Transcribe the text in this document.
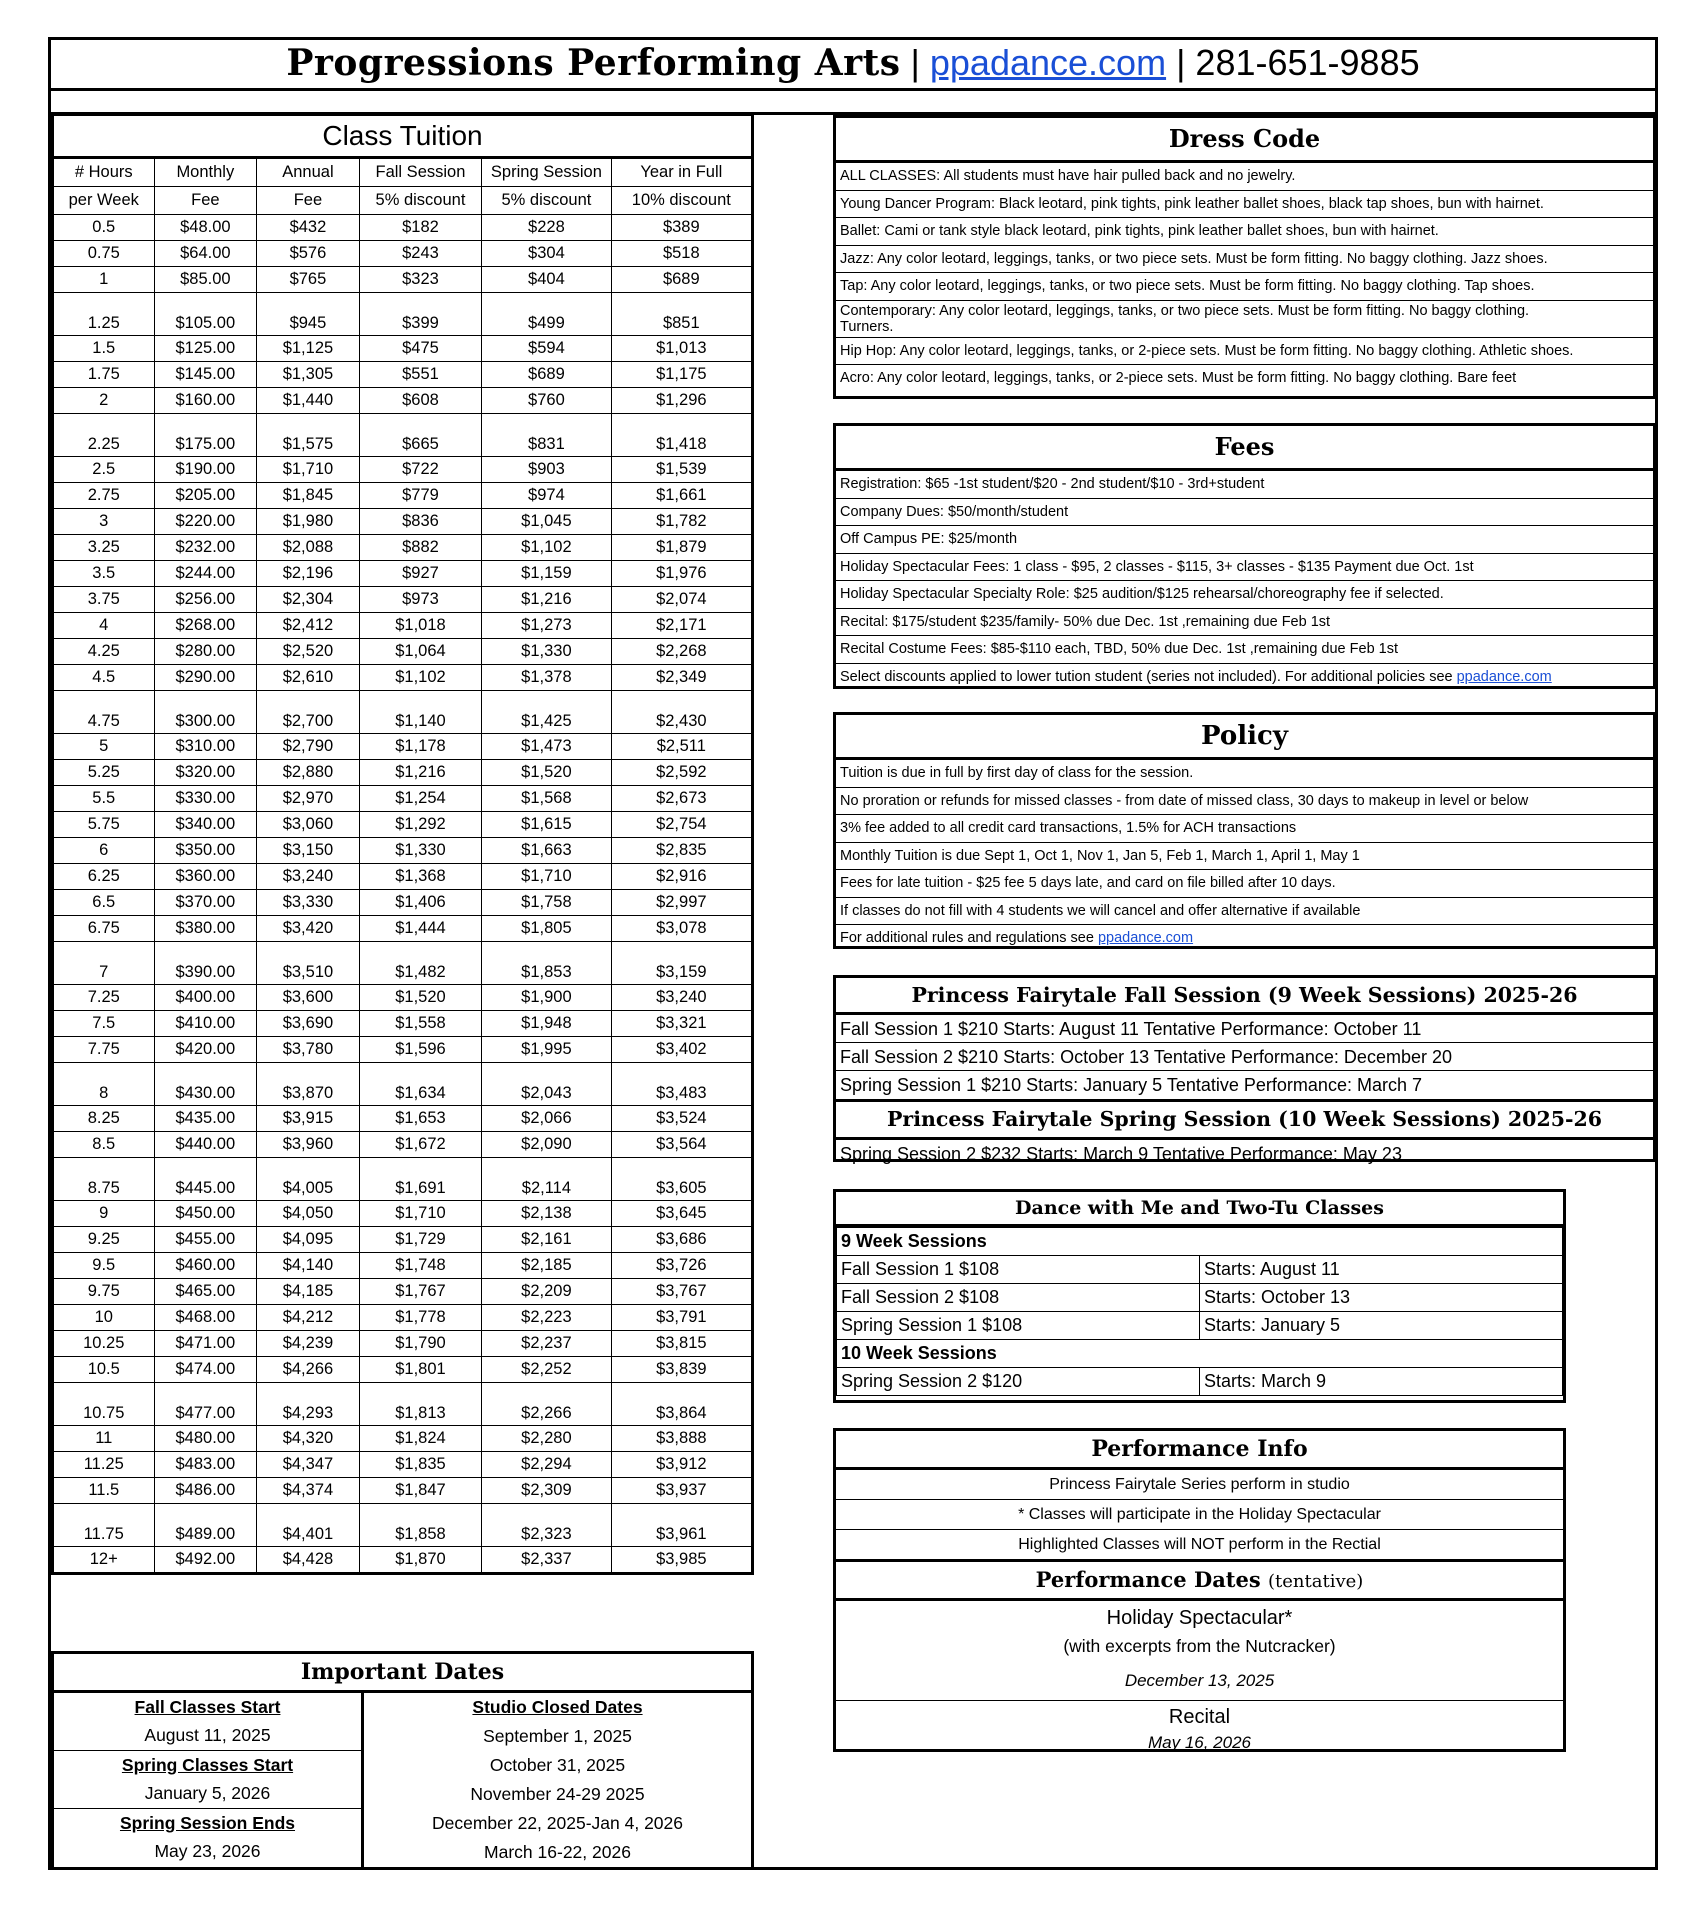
Progressions Performing Arts | ppadance.com | 281-651-9885
Class Tuition					
# Hours	Monthly	Annual	Fall Session	Spring Session	Year in Full
per Week	Fee	Fee	5% discount	5% discount	10% discount
0.5	$48.00	$432	$182	$228	$389
0.75	$64.00	$576	$243	$304	$518
1	$85.00	$765	$323	$404	$689
1.25	$105.00	$945	$399	$499	$851
1.5	$125.00	$1,125	$475	$594	$1,013
1.75	$145.00	$1,305	$551	$689	$1,175
2	$160.00	$1,440	$608	$760	$1,296
2.25	$175.00	$1,575	$665	$831	$1,418
2.5	$190.00	$1,710	$722	$903	$1,539
2.75	$205.00	$1,845	$779	$974	$1,661
3	$220.00	$1,980	$836	$1,045	$1,782
3.25	$232.00	$2,088	$882	$1,102	$1,879
3.5	$244.00	$2,196	$927	$1,159	$1,976
3.75	$256.00	$2,304	$973	$1,216	$2,074
4	$268.00	$2,412	$1,018	$1,273	$2,171
4.25	$280.00	$2,520	$1,064	$1,330	$2,268
4.5	$290.00	$2,610	$1,102	$1,378	$2,349
4.75	$300.00	$2,700	$1,140	$1,425	$2,430
5	$310.00	$2,790	$1,178	$1,473	$2,511
5.25	$320.00	$2,880	$1,216	$1,520	$2,592
5.5	$330.00	$2,970	$1,254	$1,568	$2,673
5.75	$340.00	$3,060	$1,292	$1,615	$2,754
6	$350.00	$3,150	$1,330	$1,663	$2,835
6.25	$360.00	$3,240	$1,368	$1,710	$2,916
6.5	$370.00	$3,330	$1,406	$1,758	$2,997
6.75	$380.00	$3,420	$1,444	$1,805	$3,078
7	$390.00	$3,510	$1,482	$1,853	$3,159
7.25	$400.00	$3,600	$1,520	$1,900	$3,240
7.5	$410.00	$3,690	$1,558	$1,948	$3,321
7.75	$420.00	$3,780	$1,596	$1,995	$3,402
8	$430.00	$3,870	$1,634	$2,043	$3,483
8.25	$435.00	$3,915	$1,653	$2,066	$3,524
8.5	$440.00	$3,960	$1,672	$2,090	$3,564
8.75	$445.00	$4,005	$1,691	$2,114	$3,605
9	$450.00	$4,050	$1,710	$2,138	$3,645
9.25	$455.00	$4,095	$1,729	$2,161	$3,686
9.5	$460.00	$4,140	$1,748	$2,185	$3,726
9.75	$465.00	$4,185	$1,767	$2,209	$3,767
10	$468.00	$4,212	$1,778	$2,223	$3,791
10.25	$471.00	$4,239	$1,790	$2,237	$3,815
10.5	$474.00	$4,266	$1,801	$2,252	$3,839
10.75	$477.00	$4,293	$1,813	$2,266	$3,864
11	$480.00	$4,320	$1,824	$2,280	$3,888
11.25	$483.00	$4,347	$1,835	$2,294	$3,912
11.5	$486.00	$4,374	$1,847	$2,309	$3,937
11.75	$489.00	$4,401	$1,858	$2,323	$3,961
12+	$492.00	$4,428	$1,870	$2,337	$3,985
Dress Code
ALL CLASSES: All students must have hair pulled back and no jewelry.
Young Dancer Program: Black leotard, pink tights, pink leather ballet shoes, black tap shoes, bun with hairnet.
Ballet: Cami or tank style black leotard, pink tights, pink leather ballet shoes, bun with hairnet.
Jazz: Any color leotard, leggings, tanks, or two piece sets. Must be form fitting. No baggy clothing. Jazz shoes.
Tap: Any color leotard, leggings, tanks, or two piece sets. Must be form fitting. No baggy clothing. Tap shoes.
Contemporary: Any color leotard, leggings, tanks, or two piece sets. Must be form fitting. No baggy clothing.
Turners.
Hip Hop: Any color leotard, leggings, tanks, or 2-piece sets. Must be form fitting. No baggy clothing. Athletic shoes.
Acro: Any color leotard, leggings, tanks, or 2-piece sets. Must be form fitting. No baggy clothing. Bare feet
Fees
Registration: $65 -1st student/$20 - 2nd student/$10 - 3rd+student
Company Dues: $50/month/student
Off Campus PE: $25/month
Holiday Spectacular Fees: 1 class - $95, 2 classes - $115, 3+ classes - $135 Payment due Oct. 1st
Holiday Spectacular Specialty Role: $25 audition/$125 rehearsal/choreography fee if selected.
Recital: $175/student $235/family- 50% due Dec. 1st ,remaining due Feb 1st
Recital Costume Fees: $85-$110 each, TBD, 50% due Dec. 1st ,remaining due Feb 1st
Select discounts applied to lower tution student (series not included). For additional policies see ppadance.com
Policy
Tuition is due in full by first day of class for the session.
No proration or refunds for missed classes - from date of missed class, 30 days to makeup in level or below
3% fee added to all credit card transactions, 1.5% for ACH transactions
Monthly Tuition is due Sept 1, Oct 1, Nov 1, Jan 5, Feb 1, March 1, April 1, May 1
Fees for late tuition - $25 fee 5 days late, and card on file billed after 10 days.
If classes do not fill with 4 students we will cancel and offer alternative if available
For additional rules and regulations see ppadance.com
Princess Fairytale Fall Session (9 Week Sessions) 2025-26
Fall Session 1 $210 Starts: August 11 Tentative Performance: October 11
Fall Session 2 $210 Starts: October 13 Tentative Performance: December 20
Spring Session 1 $210 Starts: January 5 Tentative Performance: March 7
Princess Fairytale Spring Session (10 Week Sessions) 2025-26
Spring Session 2 $232 Starts: March 9 Tentative Performance: May 23
Dance with Me and Two-Tu Classes
9 Week Sessions	
Fall Session 1 $108	Starts: August 11
Fall Session 2 $108	Starts: October 13
Spring Session 1 $108	Starts: January 5
10 Week Sessions	
Spring Session 2 $120	Starts: March 9
Performance Info
Princess Fairytale Series perform in studio
* Classes will participate in the Holiday Spectacular
Highlighted Classes will NOT perform in the Rectial
Performance Dates (tentative)
Holiday Spectacular*
(with excerpts from the Nutcracker)
December 13, 2025
Recital
May 16, 2026
Important Dates
Fall Classes Start
August 11, 2025
Spring Classes Start
January 5, 2026
Spring Session Ends
May 23, 2026
Studio Closed Dates
September 1, 2025
October 31, 2025
November 24-29 2025
December 22, 2025-Jan 4, 2026
March 16-22, 2026
